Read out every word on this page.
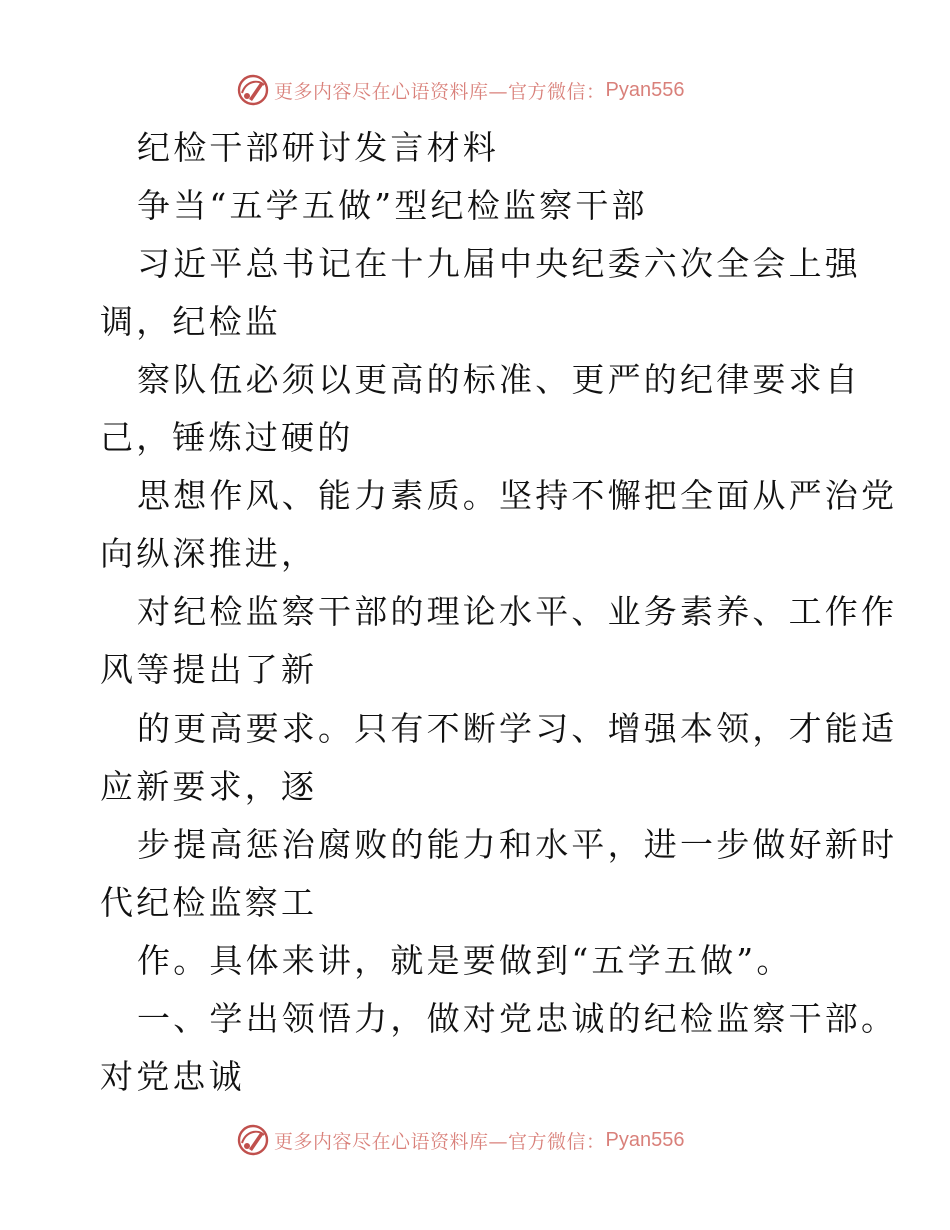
更多内容尽在心语资料库—官方微信： Pyan556

纪检干部研讨发言材料

争当“五学五做”型纪检监察干部

习近平总书记在十九届中央纪委六次全会上强

调，纪检监

察队伍必须以更高的标准、更严的纪律要求自

己，锤炼过硬的

思想作风、能力素质。坚持不懈把全面从严治党

向纵深推进，

对纪检监察干部的理论水平、业务素养、工作作

风等提出了新

的更高要求。只有不断学习、增强本领，才能适

应新要求，逐

步提高惩治腐败的能力和水平，进一步做好新时

代纪检监察工

作。具体来讲，就是要做到“五学五做”。

一、学出领悟力，做对党忠诚的纪检监察干部。

对党忠诚

更多内容尽在心语资料库—官方微信： Pyan556
